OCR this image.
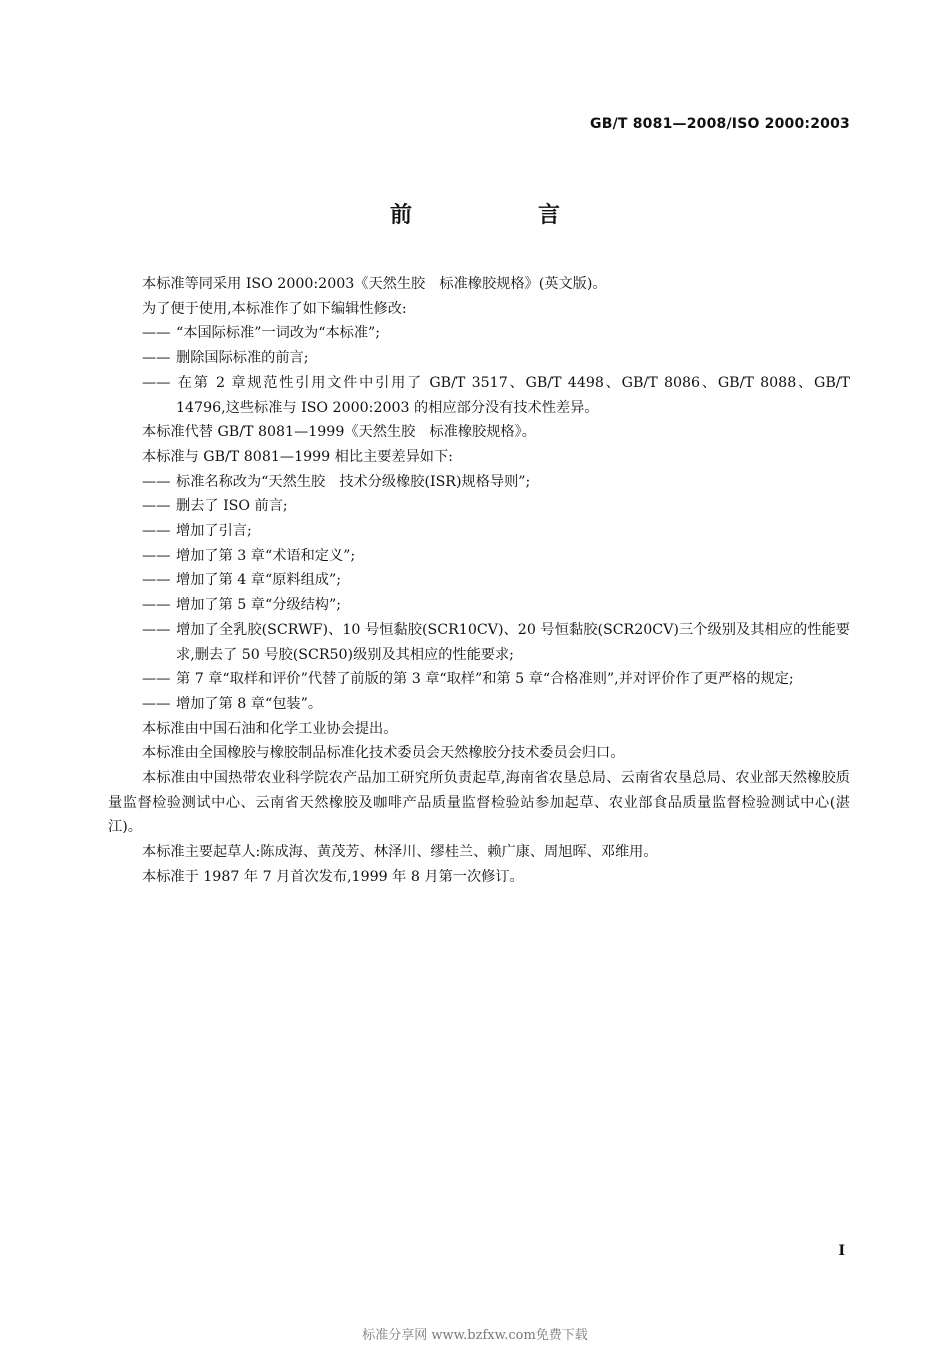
GB/T 8081—2008/ISO 2000:2003
前　言

本标准等同采用 ISO 2000:2003《天然生胶　标准橡胶规格》(英文版)。

为了便于使用,本标准作了如下编辑性修改:

—— “本国际标准”一词改为“本标准”;

—— 删除国际标准的前言;

—— 在第 2 章规范性引用文件中引用了 GB/T 3517、GB/T 4498、GB/T 8086、GB/T 8088、GB/T 14796,这些标准与 ISO 2000:2003 的相应部分没有技术性差异。

本标准代替 GB/T 8081—1999《天然生胶　标准橡胶规格》。

本标准与 GB/T 8081—1999 相比主要差异如下:

—— 标准名称改为“天然生胶　技术分级橡胶(ISR)规格导则”;

—— 删去了 ISO 前言;

—— 增加了引言;

—— 增加了第 3 章“术语和定义”;

—— 增加了第 4 章“原料组成”;

—— 增加了第 5 章“分级结构”;

—— 增加了全乳胶(SCRWF)、10 号恒黏胶(SCR10CV)、20 号恒黏胶(SCR20CV)三个级别及其相应的性能要求,删去了 50 号胶(SCR50)级别及其相应的性能要求;

—— 第 7 章“取样和评价”代替了前版的第 3 章“取样”和第 5 章“合格准则”,并对评价作了更严格的规定;

—— 增加了第 8 章“包装”。

本标准由中国石油和化学工业协会提出。

本标准由全国橡胶与橡胶制品标准化技术委员会天然橡胶分技术委员会归口。

本标准由中国热带农业科学院农产品加工研究所负责起草,海南省农垦总局、云南省农垦总局、农业部天然橡胶质量监督检验测试中心、云南省天然橡胶及咖啡产品质量监督检验站参加起草、农业部食品质量监督检验测试中心(湛江)。

本标准主要起草人:陈成海、黄茂芳、林泽川、缪桂兰、赖广康、周旭晖、邓维用。

本标准于 1987 年 7 月首次发布,1999 年 8 月第一次修订。

I
标准分享网 www.bzfxw.com免费下载
